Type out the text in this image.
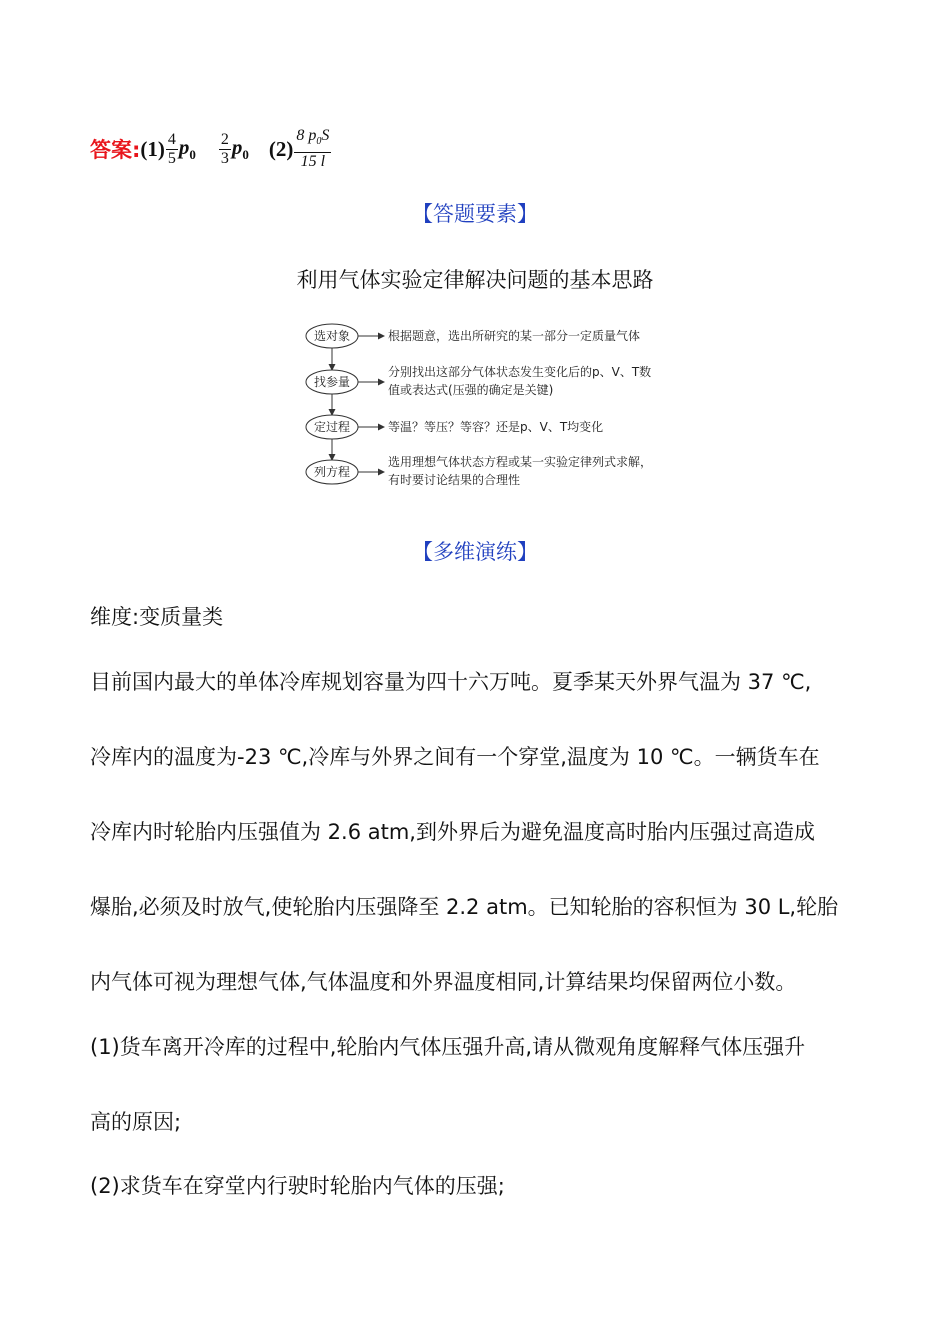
答案: $(1) \frac{4}{5} p_0 \frac{2}{3} p_0$ $(2) \frac{8 p_0S}{15 l}$
【答题要素】
利用气体实验定律解决问题的基本思路
选对象	根据题意，选出所研究的某一部分一定质量气体
找参量
分别找出这部分气体状态发生变化后的p、V、T数
值或表达式(压强的确定是关键)
定过程	等温？等压？等容？还是p、V、T均变化
列方程
选用理想气体状态方程或某一实验定律列式求解，
有时要讨论结果的合理性
【多维演练】
维度:变质量类
目前国内最大的单体冷库规划容量为四十六万吨。夏季某天外界气温为 37 ℃,
冷库内的温度为-23 ℃,冷库与外界之间有一个穿堂,温度为 10 ℃。一辆货车在
冷库内时轮胎内压强值为 2.6 atm,到外界后为避免温度高时胎内压强过高造成
爆胎,必须及时放气,使轮胎内压强降至 2.2 atm。已知轮胎的容积恒为 30 L,轮胎
内气体可视为理想气体,气体温度和外界温度相同,计算结果均保留两位小数。
(1)货车离开冷库的过程中,轮胎内气体压强升高,请从微观角度解释气体压强升
高的原因;
(2)求货车在穿堂内行驶时轮胎内气体的压强;
